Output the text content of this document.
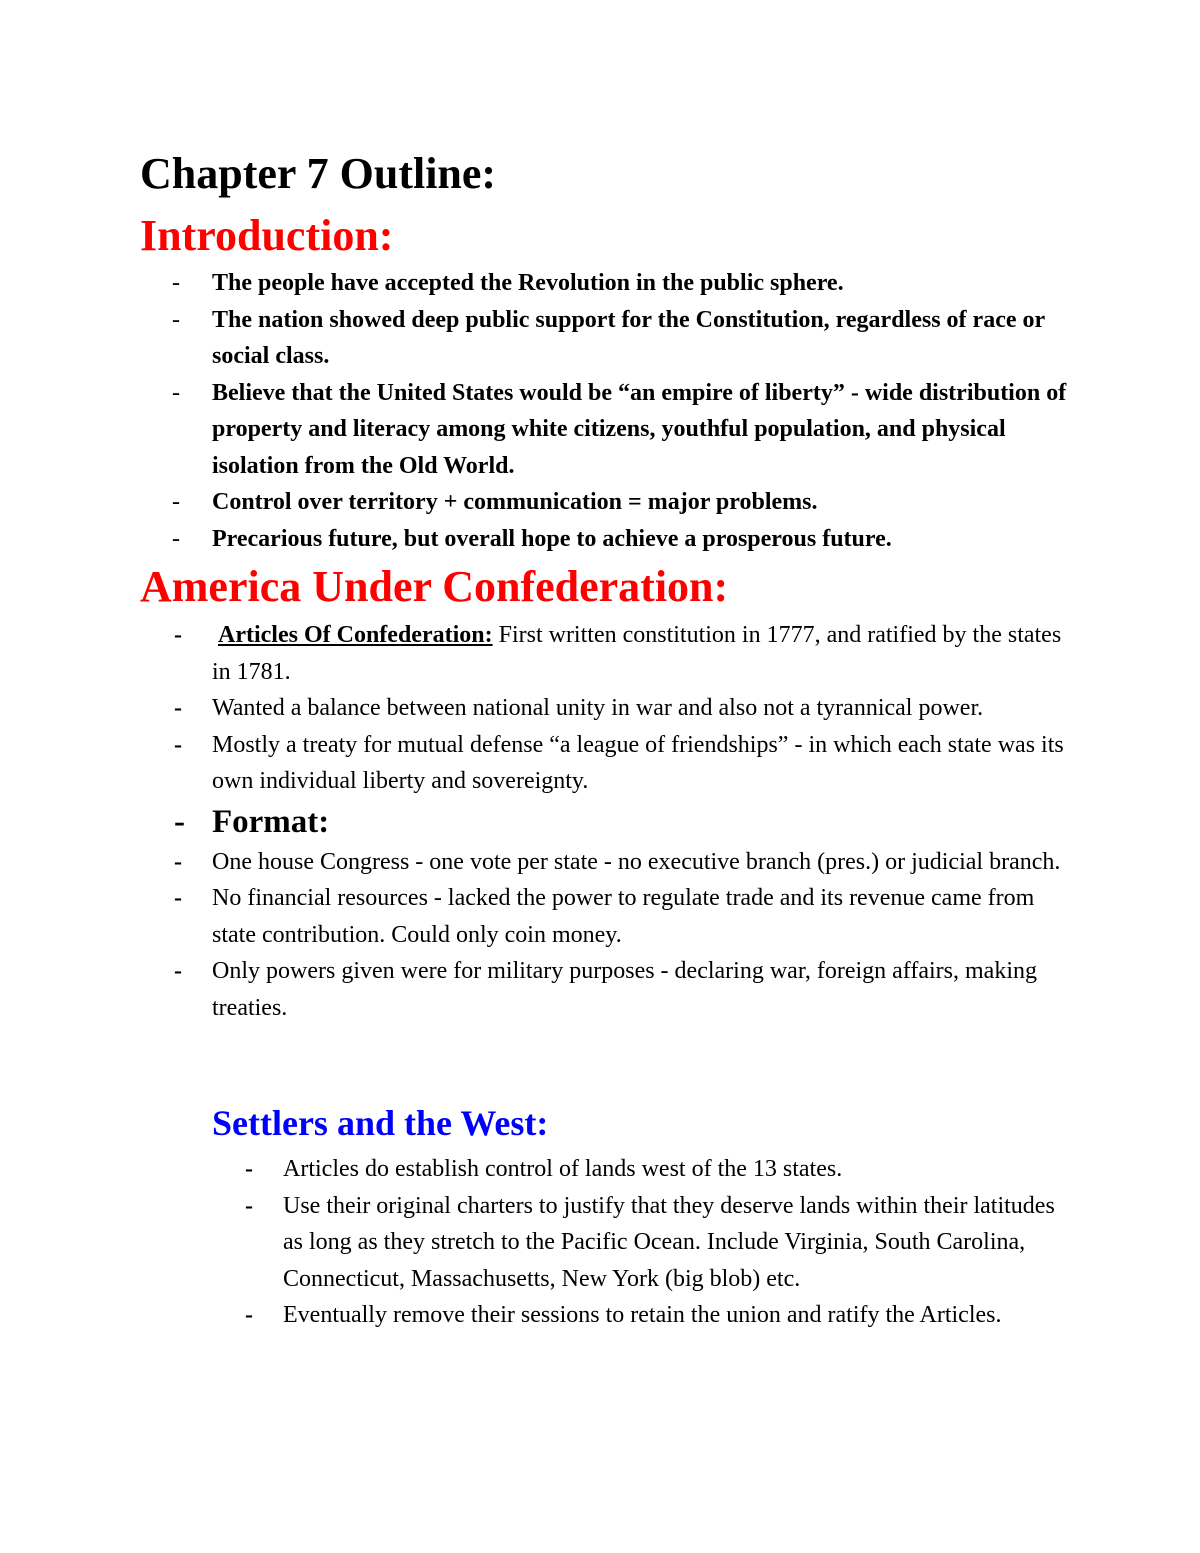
Chapter 7 Outline:
Introduction:
- The people have accepted the Revolution in the public sphere.
- The nation showed deep public support for the Constitution, regardless of race or social class.
- Believe that the United States would be “an empire of liberty” - wide distribution of property and literacy among white citizens, youthful population, and physical isolation from the Old World.
- Control over territory + communication = major problems.
- Precarious future, but overall hope to achieve a prosperous future.
America Under Confederation:
- Articles Of Confederation: First written constitution in 1777, and ratified by the states in 1781.
- Wanted a balance between national unity in war and also not a tyrannical power.
- Mostly a treaty for mutual defense “a league of friendships” - in which each state was its own individual liberty and sovereignty.
- Format:
- One house Congress - one vote per state - no executive branch (pres.) or judicial branch.
- No financial resources - lacked the power to regulate trade and its revenue came from state contribution. Could only coin money.
- Only powers given were for military purposes - declaring war, foreign affairs, making treaties.
Settlers and the West:
- Articles do establish control of lands west of the 13 states.
- Use their original charters to justify that they deserve lands within their latitudes as long as they stretch to the Pacific Ocean. Include Virginia, South Carolina, Connecticut, Massachusetts, New York (big blob) etc.
- Eventually remove their sessions to retain the union and ratify the Articles.
